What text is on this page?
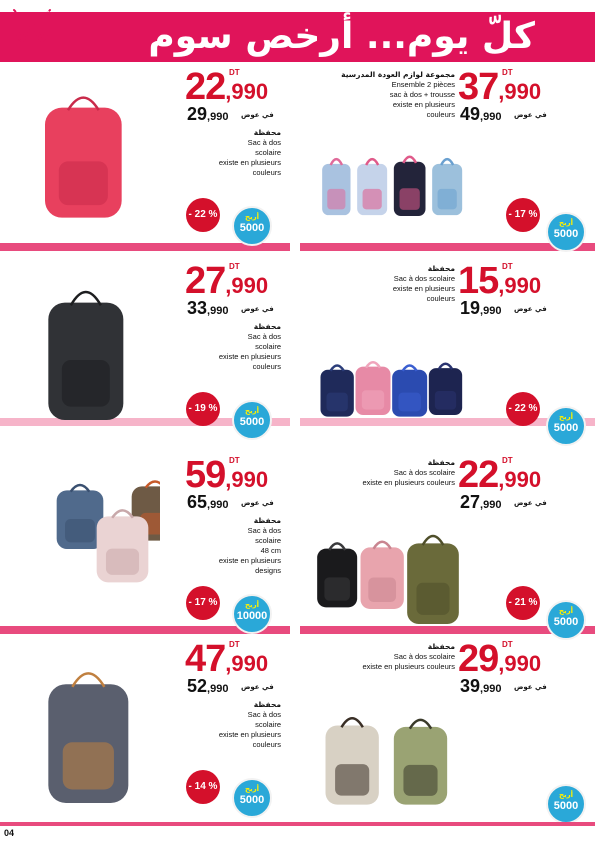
كلّ يوم... أرخص سوم
37,990
DT
49,990 في عوض
مجموعة لوازم العودة المدرسية
Ensemble 2 pièces
sac à dos + trousse
existe en plusieurs
couleurs
- 17 %
أربح
5000
22,990
DT
29,990 في عوض
محفظة
Sac à dos
scolaire
existe en plusieurs
couleurs
- 22 %	أربح
5000
15,990
DT
19,990 في عوض
محفظة
Sac à dos scolaire
existe en plusieurs
couleurs
- 22 %
أربح
5000
27,990
DT
33,990 في عوض
محفظة
Sac à dos
scolaire
existe en plusieurs
couleurs
- 19 %	أربح
5000
22,990
DT
27,990 في عوض
محفظة
Sac à dos scolaire
existe en plusieurs couleurs
- 21 %
أربح
5000
59,990
DT
65,990 في عوض
محفظة
Sac à dos
scolaire
48 cm
existe en plusieurs
designs
- 17 %	أربح
10000
29,990
DT
39,990 في عوض
محفظة
Sac à dos scolaire
existe en plusieurs couleurs
أربح
5000
47,990
DT
52,990 في عوض
محفظة
Sac à dos
scolaire
existe en plusieurs
couleurs
- 14 %	أربح
5000
04
